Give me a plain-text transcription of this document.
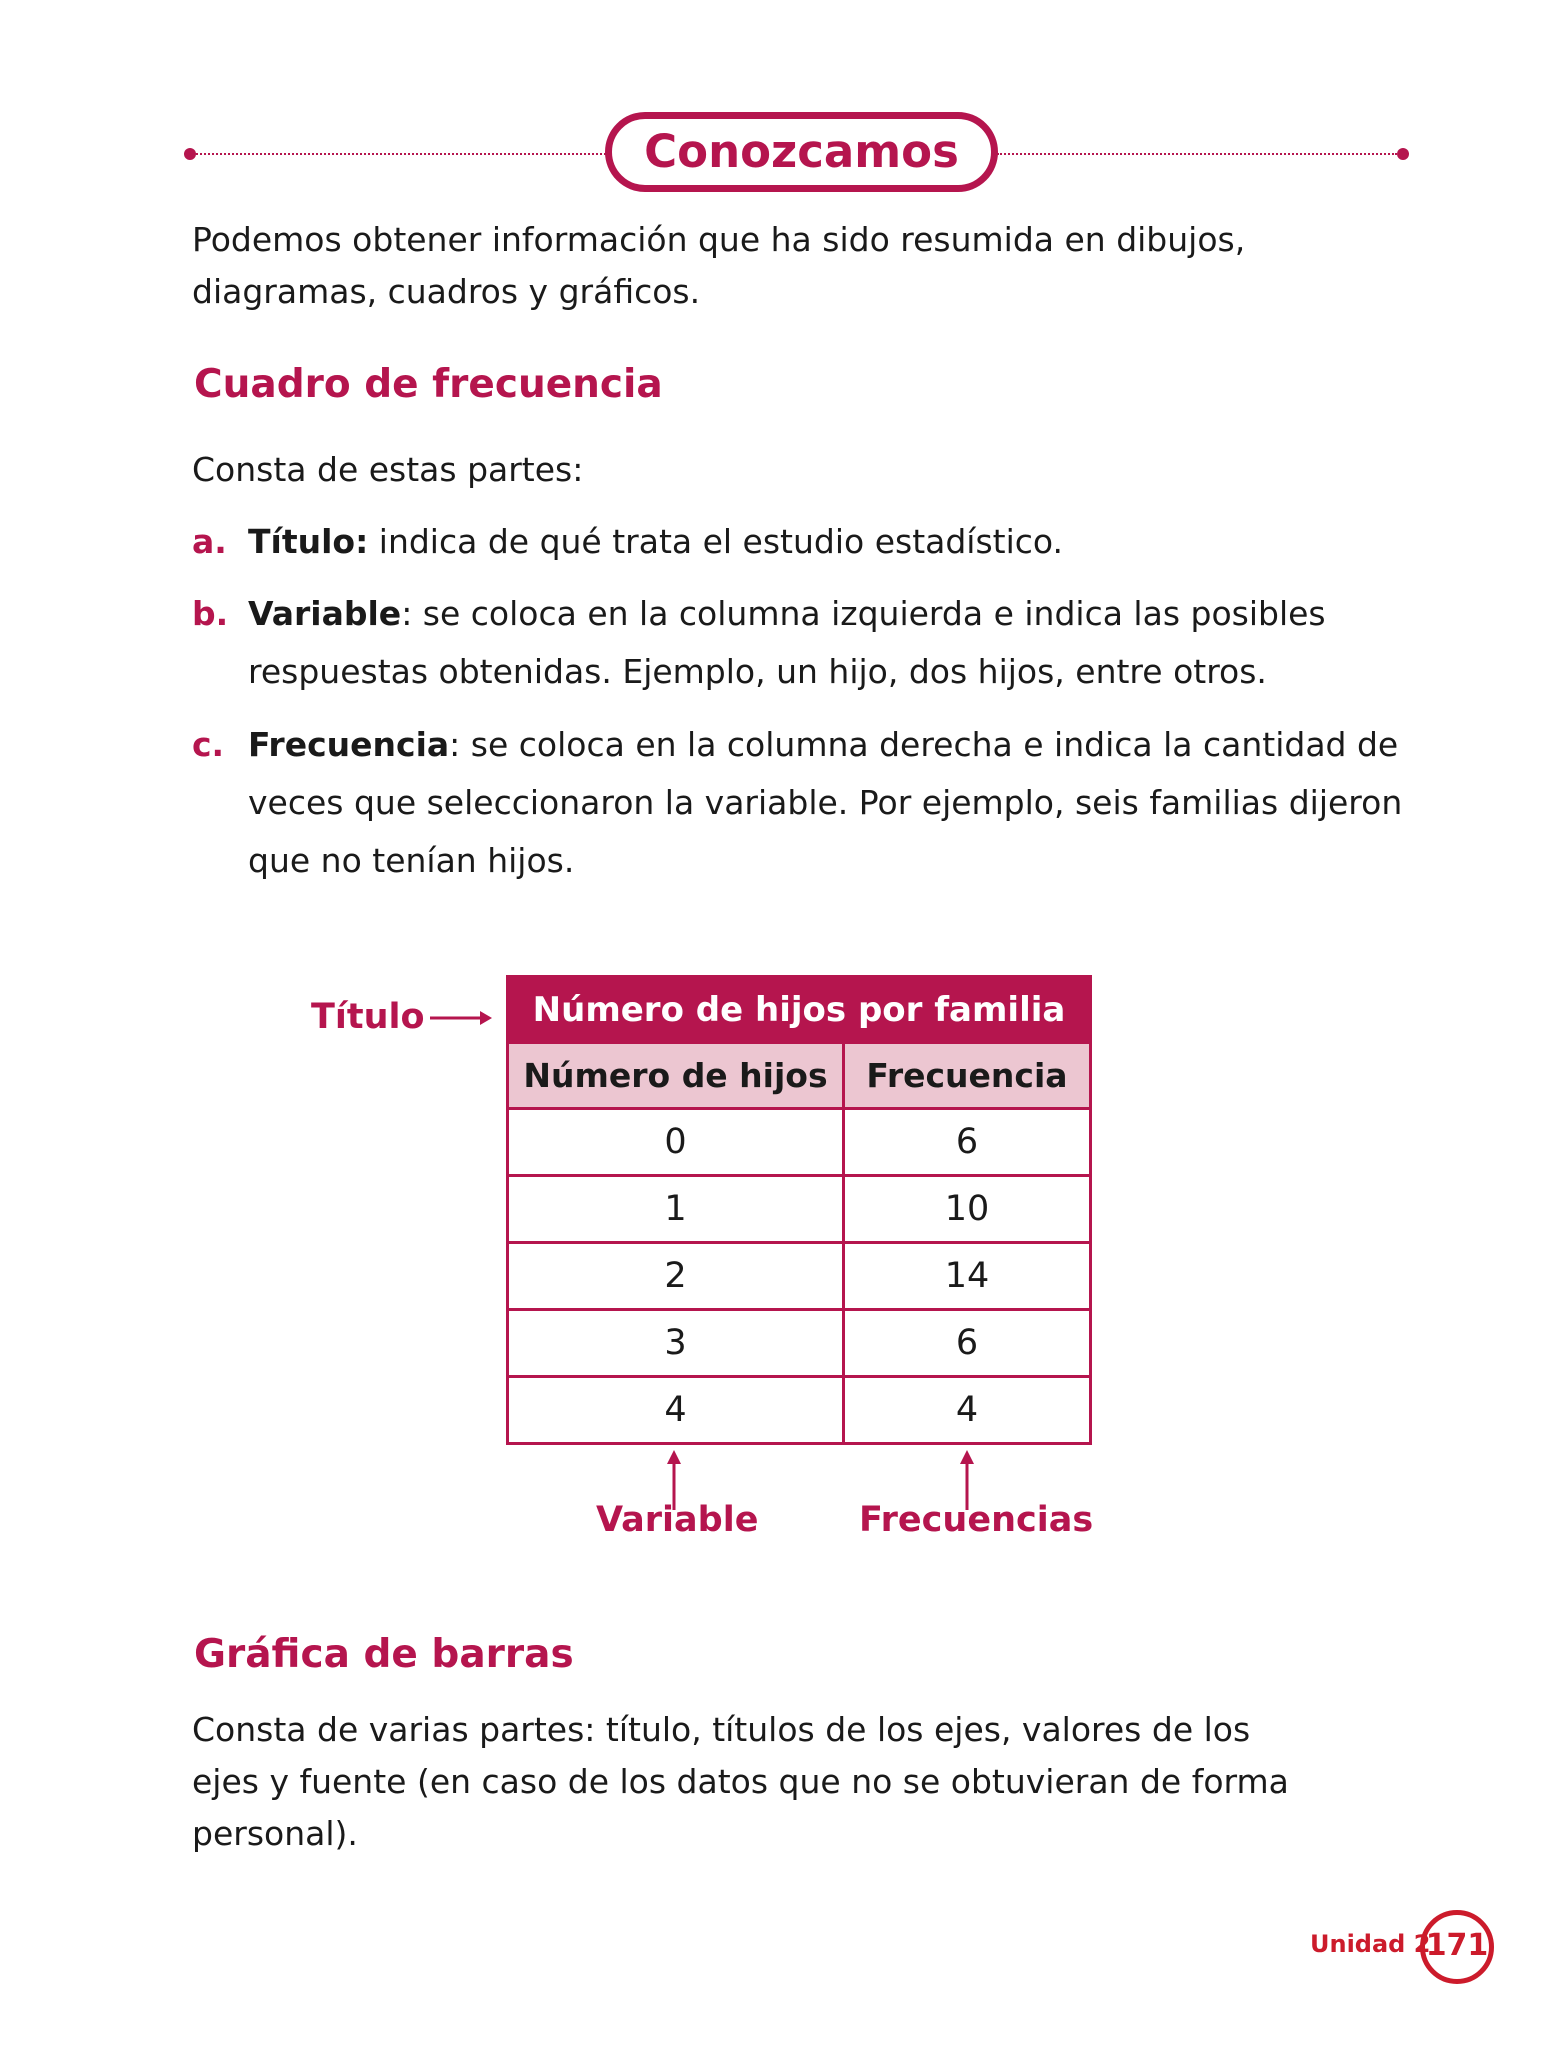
Conozcamos
Podemos obtener información que ha sido resumida en dibujos,
diagramas, cuadros y gráficos.
Cuadro de frecuencia
Consta de estas partes:
a. Título: indica de qué trata el estudio estadístico.
b. Variable: se coloca en la columna izquierda e indica las posibles respuestas obtenidas. Ejemplo, un hijo, dos hijos, entre otros.
c. Frecuencia: se coloca en la columna derecha e indica la cantidad de veces que seleccionaron la variable. Por ejemplo, seis familias dijeron que no tenían hijos.
Título	Número de hijos por familia	
Número de hijos	Frecuencia
0	6
1	10
2	14
3	6
4	4
Variable	Frecuencias
Gráfica de barras
Consta de varias partes: título, títulos de los ejes, valores de los
ejes y fuente (en caso de los datos que no se obtuvieran de forma
personal).
Unidad 2
171
